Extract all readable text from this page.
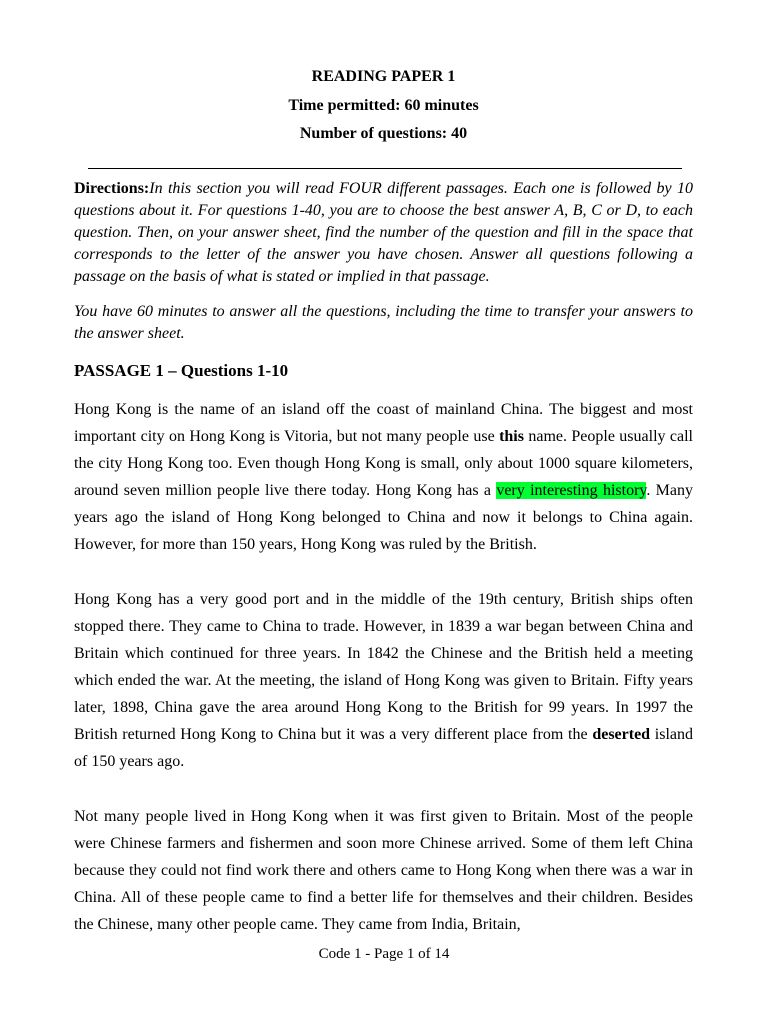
READING PAPER 1
Time permitted: 60 minutes
Number of questions: 40

Directions:In this section you will read FOUR different passages. Each one is followed by 10 questions about it. For questions 1-40, you are to choose the best answer A, B, C or D, to each question. Then, on your answer sheet, find the number of the question and fill in the space that corresponds to the letter of the answer you have chosen. Answer all questions following a passage on the basis of what is stated or implied in that passage.

You have 60 minutes to answer all the questions, including the time to transfer your answers to the answer sheet.

PASSAGE 1 – Questions 1-10

Hong Kong is the name of an island off the coast of mainland China. The biggest and most important city on Hong Kong is Vitoria, but not many people use this name. People usually call the city Hong Kong too. Even though Hong Kong is small, only about 1000 square kilometers, around seven million people live there today. Hong Kong has a very interesting history. Many years ago the island of Hong Kong belonged to China and now it belongs to China again. However, for more than 150 years, Hong Kong was ruled by the British.

Hong Kong has a very good port and in the middle of the 19th century, British ships often stopped there. They came to China to trade. However, in 1839 a war began between China and Britain which continued for three years. In 1842 the Chinese and the British held a meeting which ended the war. At the meeting, the island of Hong Kong was given to Britain. Fifty years later, 1898, China gave the area around Hong Kong to the British for 99 years. In 1997 the British returned Hong Kong to China but it was a very different place from the deserted island of 150 years ago.

Not many people lived in Hong Kong when it was first given to Britain. Most of the people were Chinese farmers and fishermen and soon more Chinese arrived. Some of them left China because they could not find work there and others came to Hong Kong when there was a war in China. All of these people came to find a better life for themselves and their children. Besides the Chinese, many other people came. They came from India, Britain,

Code 1 - Page 1 of 14
